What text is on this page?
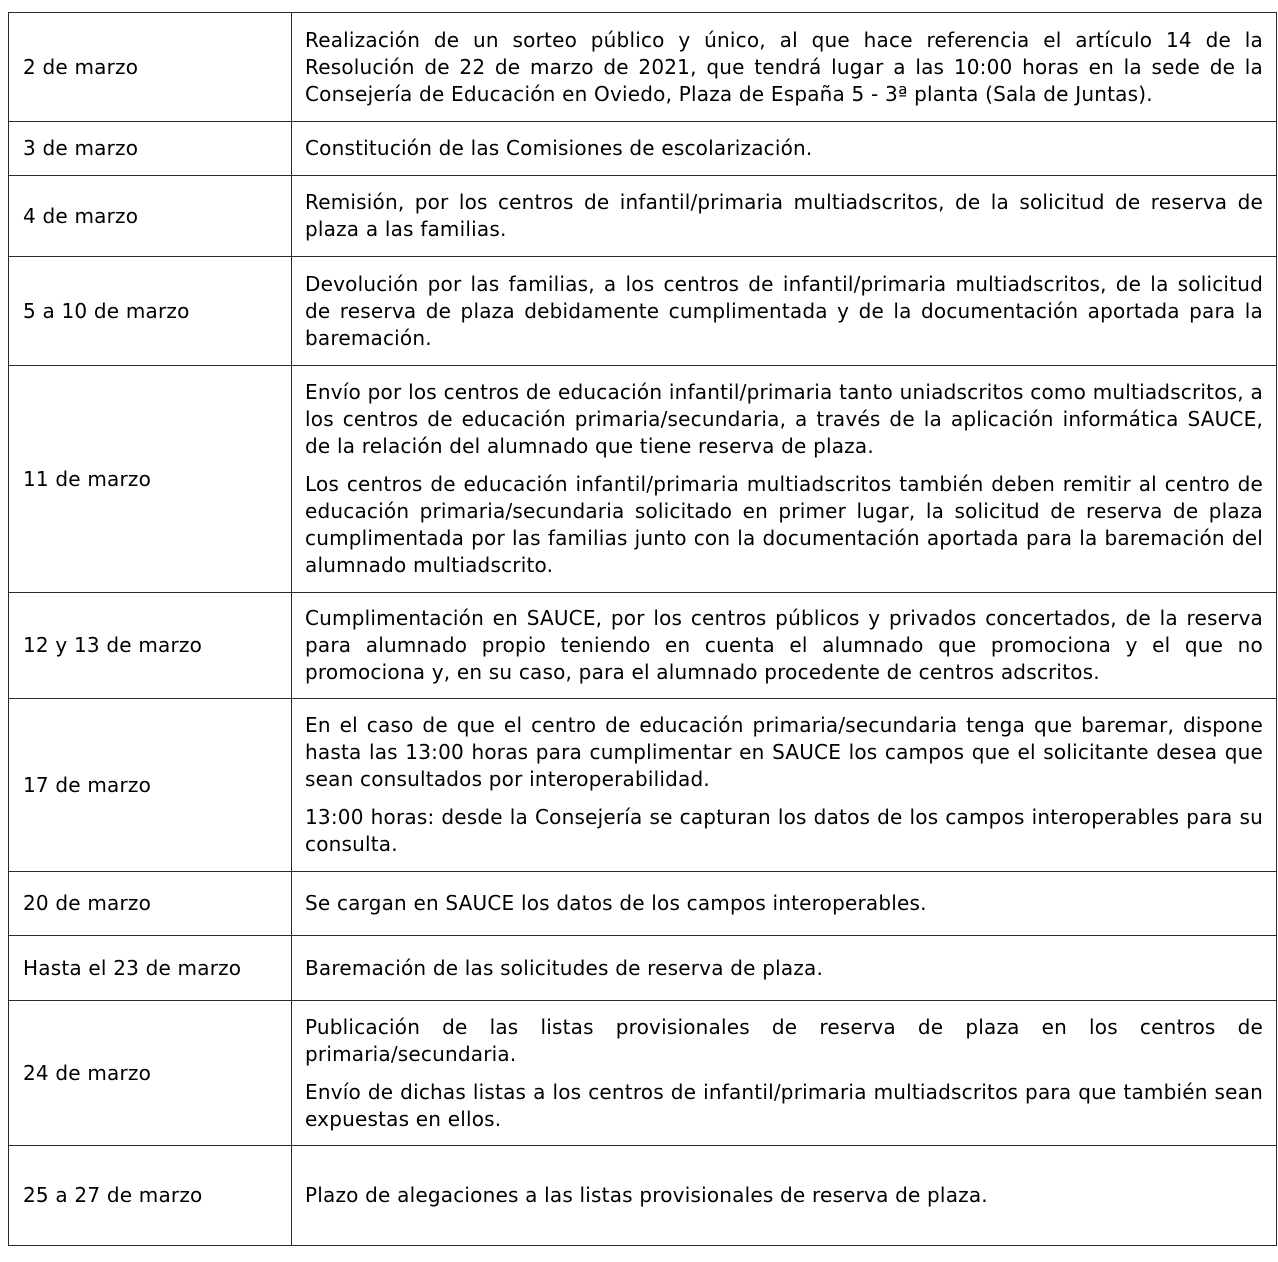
2 de marzo	Realización de un sorteo público y único, al que hace referencia el artículo 14 de la Resolución de 22 de marzo de 2021, que tendrá lugar a las 10:00 horas en la sede de la Consejería de Educación en Oviedo, Plaza de España 5 - 3ª planta (Sala de Juntas).

3 de marzo	Constitución de las Comisiones de escolarización.

4 de marzo	Remisión, por los centros de infantil/primaria multiadscritos, de la solicitud de reserva de plaza a las familias.

5 a 10 de marzo	Devolución por las familias, a los centros de infantil/primaria multiadscritos, de la solicitud de reserva de plaza debidamente cumplimentada y de la documentación aportada para la baremación.

11 de marzo	Envío por los centros de educación infantil/primaria tanto uniadscritos como multiadscritos, a los centros de educación primaria/secundaria, a través de la aplicación informática SAUCE, de la relación del alumnado que tiene reserva de plaza.

Los centros de educación infantil/primaria multiadscritos también deben remitir al centro de educación primaria/secundaria solicitado en primer lugar, la solicitud de reserva de plaza cumplimentada por las familias junto con la documentación aportada para la baremación del alumnado multiadscrito.

12 y 13 de marzo	Cumplimentación en SAUCE, por los centros públicos y privados concertados, de la reserva para alumnado propio teniendo en cuenta el alumnado que promociona y el que no promociona y, en su caso, para el alumnado procedente de centros adscritos.

17 de marzo	En el caso de que el centro de educación primaria/secundaria tenga que baremar, dispone hasta las 13:00 horas para cumplimentar en SAUCE los campos que el solicitante desea que sean consultados por interoperabilidad.

13:00 horas: desde la Consejería se capturan los datos de los campos interoperables para su consulta.

20 de marzo	Se cargan en SAUCE los datos de los campos interoperables.

Hasta el 23 de marzo	Baremación de las solicitudes de reserva de plaza.

24 de marzo	Publicación de las listas provisionales de reserva de plaza en los centros de primaria/secundaria.

Envío de dichas listas a los centros de infantil/primaria multiadscritos para que también sean expuestas en ellos.

25 a 27 de marzo	Plazo de alegaciones a las listas provisionales de reserva de plaza.
